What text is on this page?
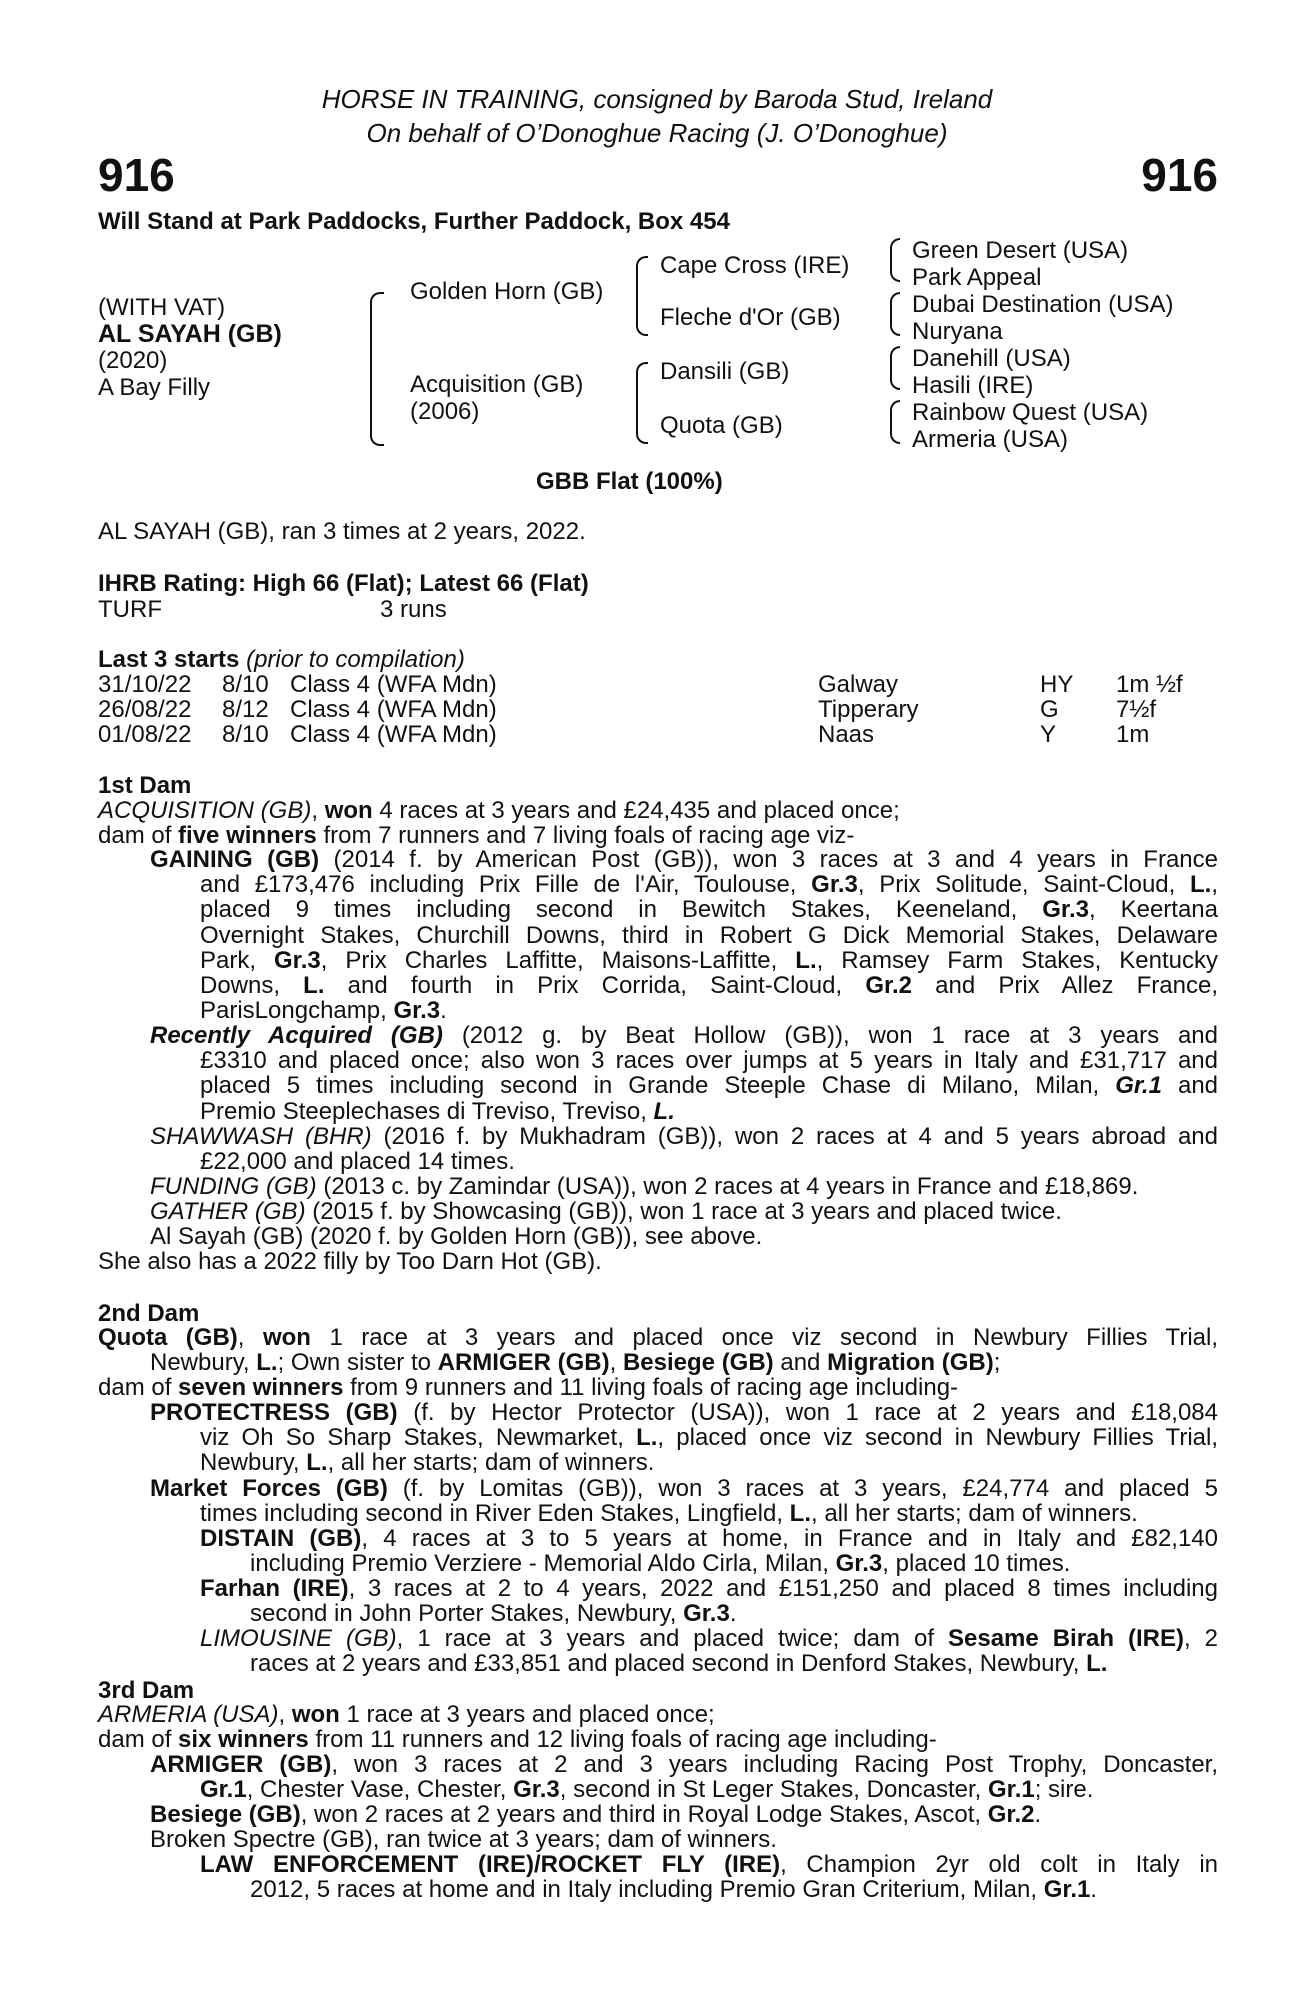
HORSE IN TRAINING, consigned by Baroda Stud, Ireland
On behalf of O’Donoghue Racing (J. O’Donoghue)
916	916
Will Stand at Park Paddocks, Further Paddock, Box 454
(WITH VAT)
AL SAYAH (GB)
(2020)
A Bay Filly
Golden Horn (GB)
Acquisition (GB)
(2006)
Cape Cross (IRE)
Fleche d'Or (GB)
Dansili (GB)
Quota (GB)
Green Desert (USA)
Park Appeal
Dubai Destination (USA)
Nuryana
Danehill (USA)
Hasili (IRE)
Rainbow Quest (USA)
Armeria (USA)
GBB Flat (100%)
AL SAYAH (GB), ran 3 times at 2 years, 2022.
IHRB Rating: High 66 (Flat); Latest 66 (Flat)
TURF	3 runs
Last 3 starts (prior to compilation)
31/10/22 8/10 Class 4 (WFA Mdn)	Galway	HY 1m ½f
26/08/22 8/12 Class 4 (WFA Mdn)	Tipperary	G 7½f
01/08/22 8/10 Class 4 (WFA Mdn)	Naas	Y 1m
1st Dam
ACQUISITION (GB), won 4 races at 3 years and £24,435 and placed once;
dam of five winners from 7 runners and 7 living foals of racing age viz-
GAINING (GB) (2014 f. by American Post (GB)), won 3 races at 3 and 4 years in France
and £173,476 including Prix Fille de l'Air, Toulouse, Gr.3, Prix Solitude, Saint-Cloud, L.,
placed 9 times including second in Bewitch Stakes, Keeneland, Gr.3, Keertana
Overnight Stakes, Churchill Downs, third in Robert G Dick Memorial Stakes, Delaware
Park, Gr.3, Prix Charles Laffitte, Maisons-Laffitte, L., Ramsey Farm Stakes, Kentucky
Downs, L. and fourth in Prix Corrida, Saint-Cloud, Gr.2 and Prix Allez France,
ParisLongchamp, Gr.3.
Recently Acquired (GB) (2012 g. by Beat Hollow (GB)), won 1 race at 3 years and
£3310 and placed once; also won 3 races over jumps at 5 years in Italy and £31,717 and
placed 5 times including second in Grande Steeple Chase di Milano, Milan, Gr.1 and
Premio Steeplechases di Treviso, Treviso, L.
SHAWWASH (BHR) (2016 f. by Mukhadram (GB)), won 2 races at 4 and 5 years abroad and
£22,000 and placed 14 times.
FUNDING (GB) (2013 c. by Zamindar (USA)), won 2 races at 4 years in France and £18,869.
GATHER (GB) (2015 f. by Showcasing (GB)), won 1 race at 3 years and placed twice.
Al Sayah (GB) (2020 f. by Golden Horn (GB)), see above.
She also has a 2022 filly by Too Darn Hot (GB).
2nd Dam
Quota (GB), won 1 race at 3 years and placed once viz second in Newbury Fillies Trial,
Newbury, L.; Own sister to ARMIGER (GB), Besiege (GB) and Migration (GB);
dam of seven winners from 9 runners and 11 living foals of racing age including-
PROTECTRESS (GB) (f. by Hector Protector (USA)), won 1 race at 2 years and £18,084
viz Oh So Sharp Stakes, Newmarket, L., placed once viz second in Newbury Fillies Trial,
Newbury, L., all her starts; dam of winners.
Market Forces (GB) (f. by Lomitas (GB)), won 3 races at 3 years, £24,774 and placed 5
times including second in River Eden Stakes, Lingfield, L., all her starts; dam of winners.
DISTAIN (GB), 4 races at 3 to 5 years at home, in France and in Italy and £82,140
including Premio Verziere - Memorial Aldo Cirla, Milan, Gr.3, placed 10 times.
Farhan (IRE), 3 races at 2 to 4 years, 2022 and £151,250 and placed 8 times including
second in John Porter Stakes, Newbury, Gr.3.
LIMOUSINE (GB), 1 race at 3 years and placed twice; dam of Sesame Birah (IRE), 2
races at 2 years and £33,851 and placed second in Denford Stakes, Newbury, L.
3rd Dam
ARMERIA (USA), won 1 race at 3 years and placed once;
dam of six winners from 11 runners and 12 living foals of racing age including-
ARMIGER (GB), won 3 races at 2 and 3 years including Racing Post Trophy, Doncaster,
Gr.1, Chester Vase, Chester, Gr.3, second in St Leger Stakes, Doncaster, Gr.1; sire.
Besiege (GB), won 2 races at 2 years and third in Royal Lodge Stakes, Ascot, Gr.2.
Broken Spectre (GB), ran twice at 3 years; dam of winners.
LAW ENFORCEMENT (IRE)/ROCKET FLY (IRE), Champion 2yr old colt in Italy in
2012, 5 races at home and in Italy including Premio Gran Criterium, Milan, Gr.1.
